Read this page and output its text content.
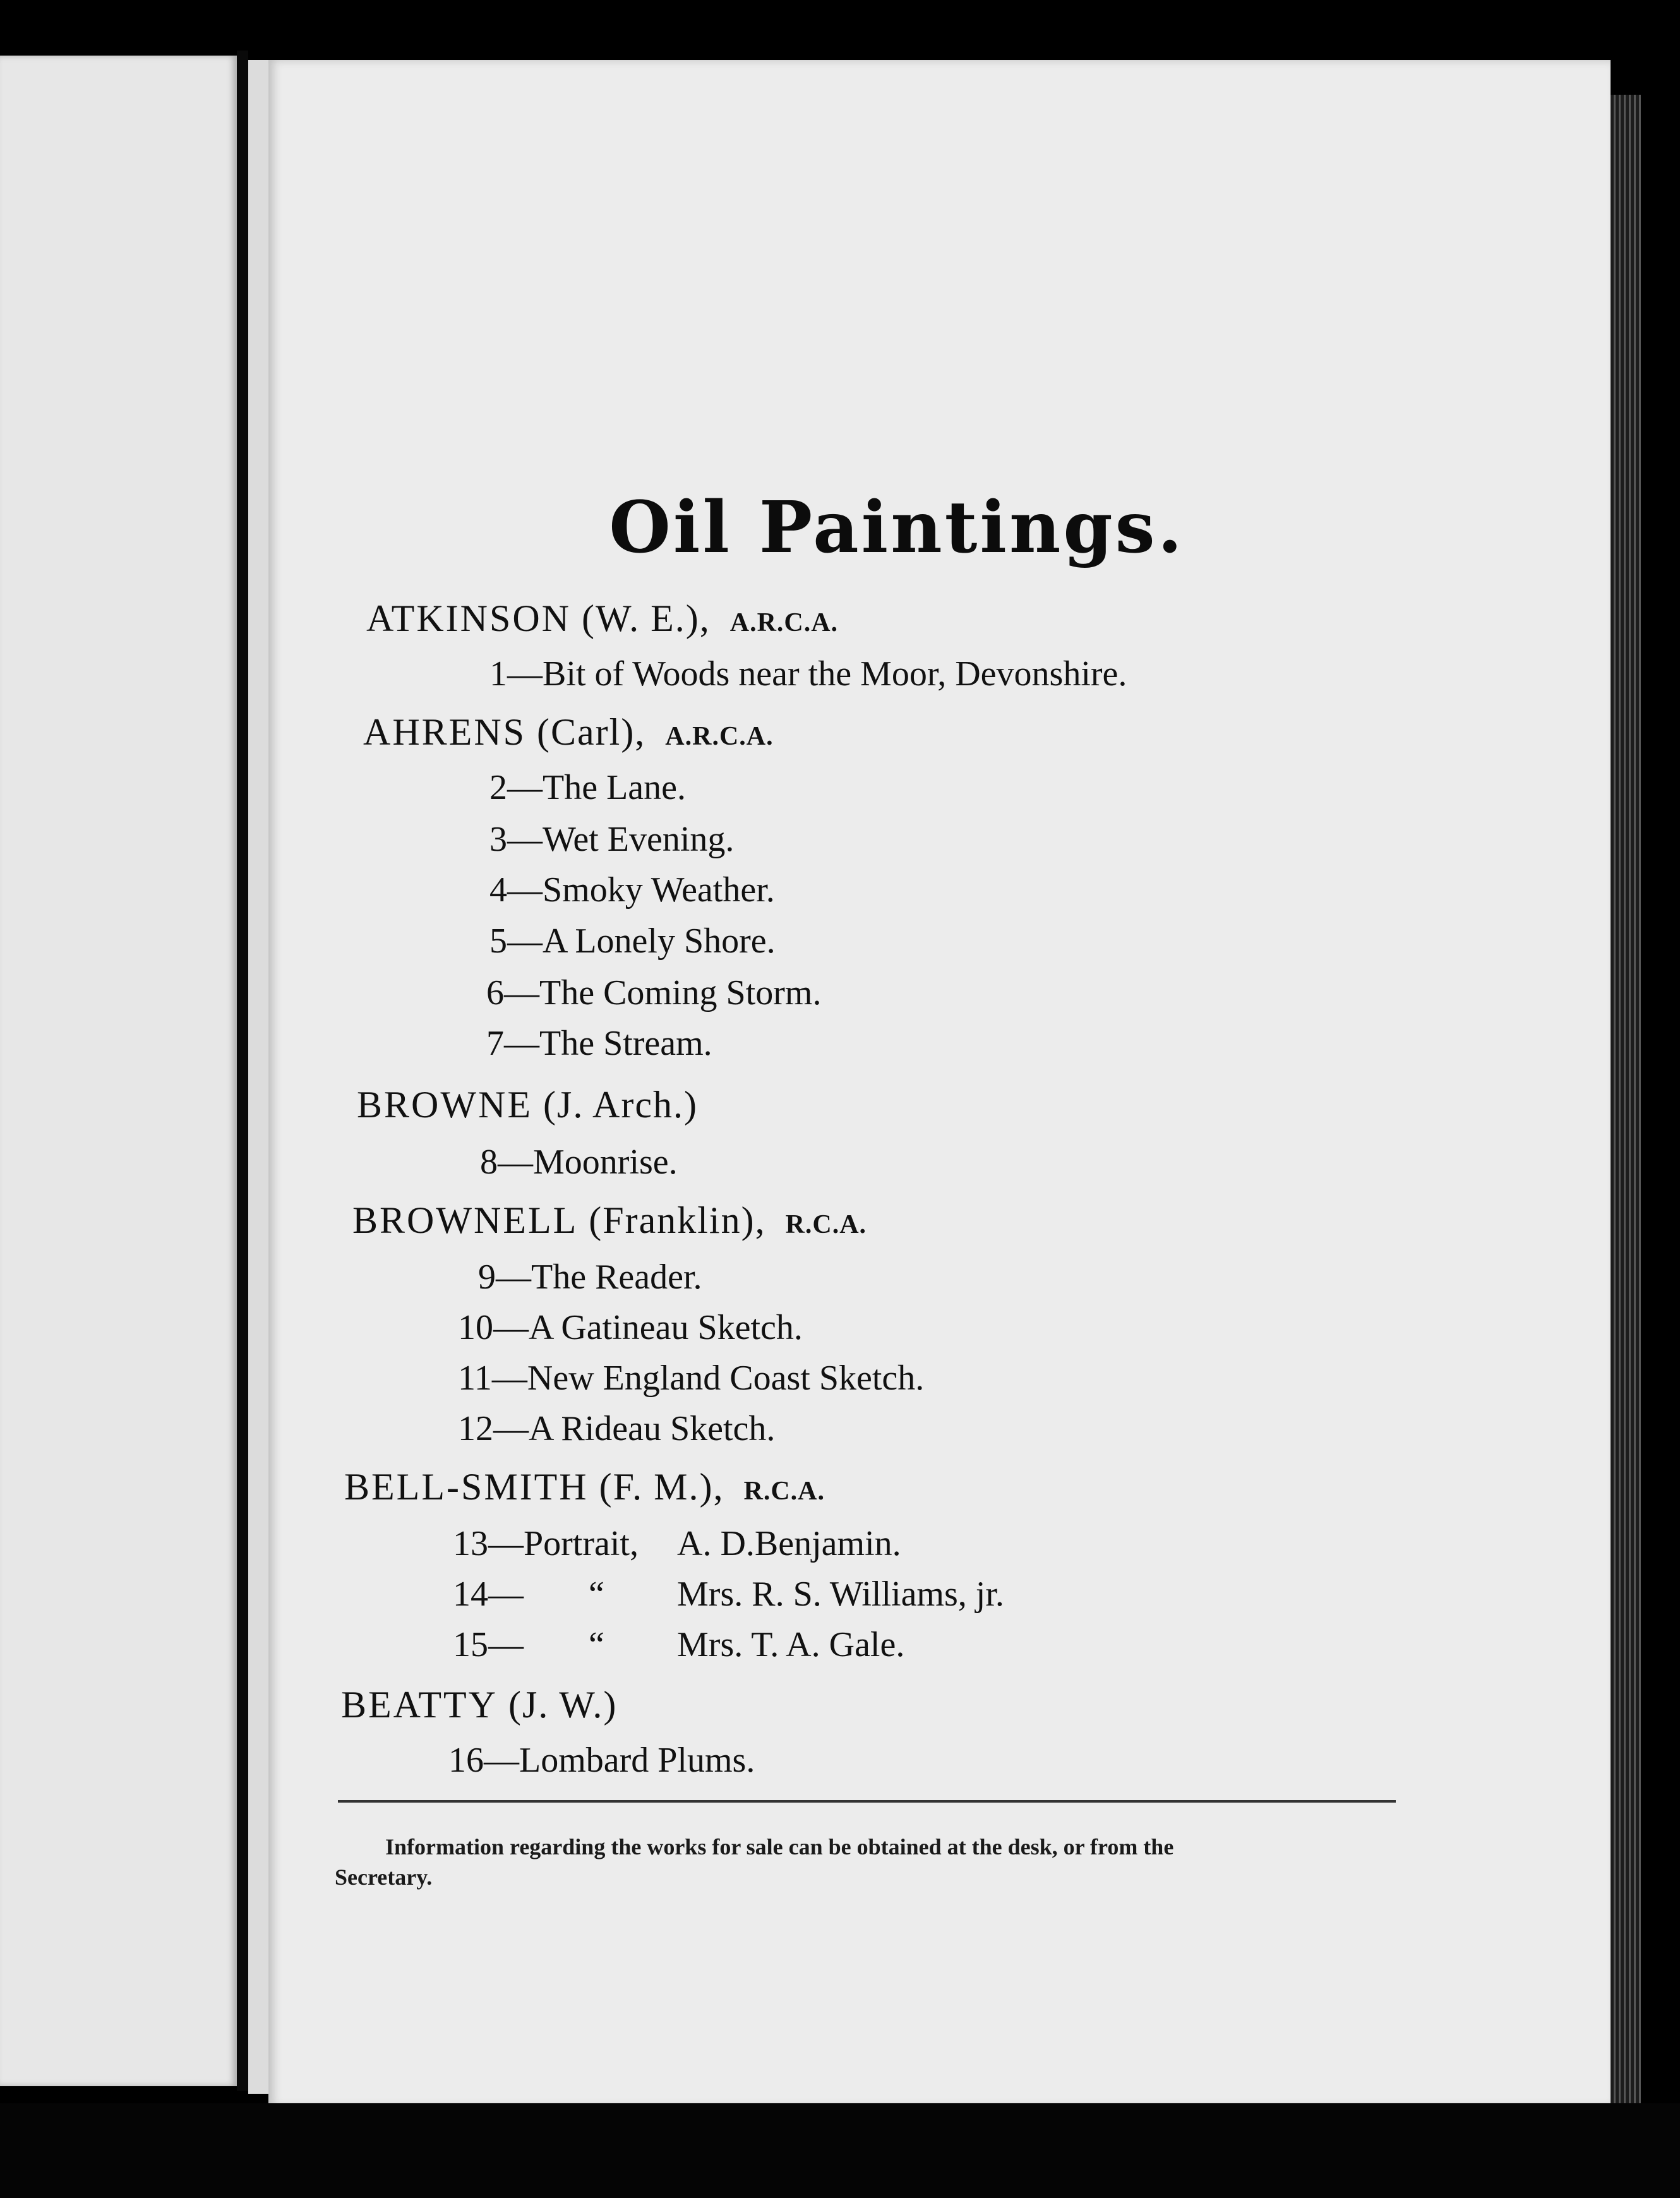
Oil Paintings.
ATKINSON (W. E.), A.R.C.A.
1—Bit of Woods near the Moor, Devonshire.
AHRENS (Carl), A.R.C.A.
2—The Lane.
3—Wet Evening.
4—Smoky Weather.
5—A Lonely Shore.
6—The Coming Storm.
7—The Stream.
BROWNE (J. Arch.)
8—Moonrise.
BROWNELL (Franklin), R.C.A.
9—The Reader.
10—A Gatineau Sketch.
11—New England Coast Sketch.
12—A Rideau Sketch.
BELL-SMITH (F. M.), R.C.A.
13—Portrait, A. D.Benjamin.
14— “ Mrs. R. S. Williams, jr.
15— “ Mrs. T. A. Gale.
BEATTY (J. W.)
16—Lombard Plums.
Information regarding the works for sale can be obtained at the desk, or from the
Secretary.
